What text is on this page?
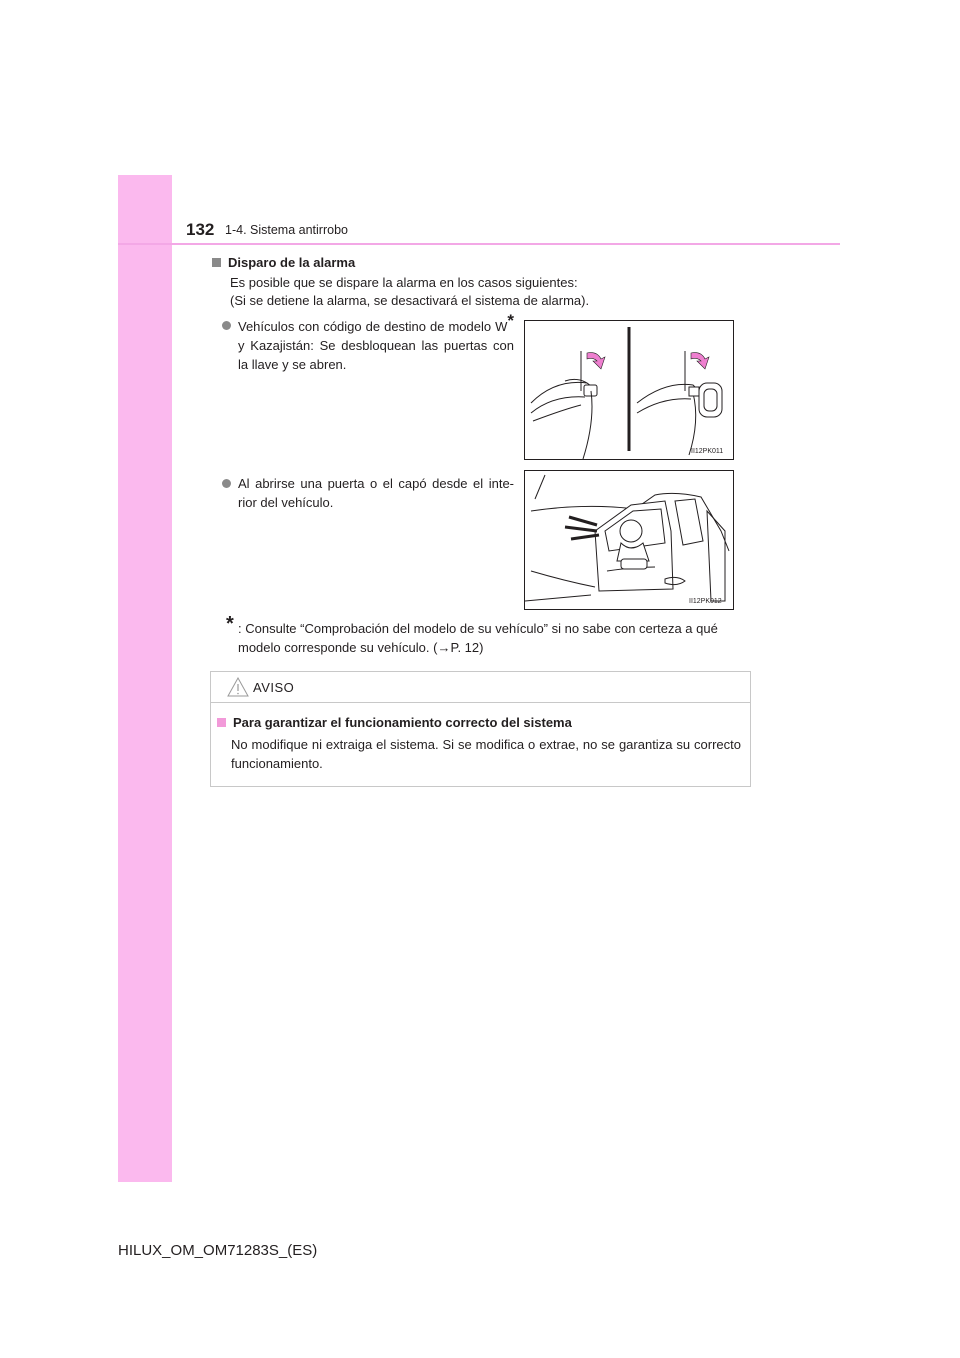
132 1-4. Sistema antirrobo
Disparo de la alarma
Es posible que se dispare la alarma en los casos siguientes:
(Si se detiene la alarma, se desactivará el sistema de alarma).
Vehículos con código de destino de modelo W* y Kazajistán: Se desbloquean las puertas con la llave y se abren.
II12PK011
Al abrirse una puerta o el capó desde el inte-rior del vehículo.
II12PK012
* : Consulte “Comprobación del modelo de su vehículo” si no sabe con certeza a qué modelo corresponde su vehículo. (→P. 12)
AVISO
Para garantizar el funcionamiento correcto del sistema
No modifique ni extraiga el sistema. Si se modifica o extrae, no se garantiza su correcto funcionamiento.
HILUX_OM_OM71283S_(ES)
